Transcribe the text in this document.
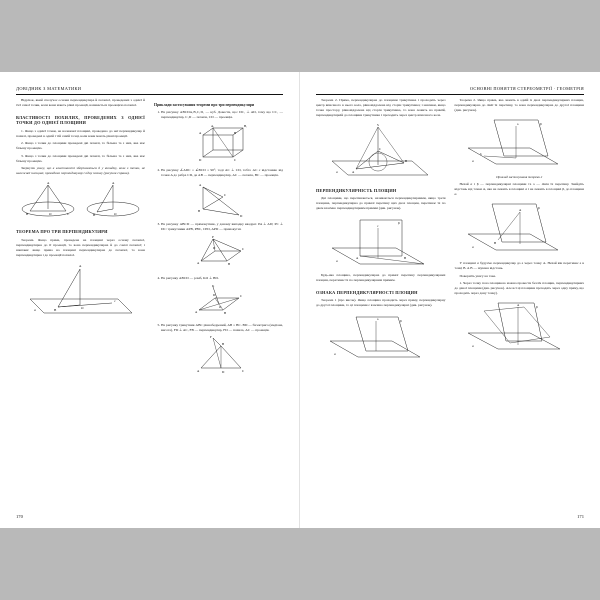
ДОВІДНИК З МАТЕМАТИКИ

Відрізок, який сполучає основи перпендикуляра й похилої, проведених з однієї й тієї самої точки, коли вони мають рівні проекції, називається проекцією похилої.

ВЛАСТИВОСТІ ПОХИЛИХ, ПРОВЕДЕНИХ З ОДНІЄЇ ТОЧКИ ДО ОДНІЄЇ ПЛОЩИНИ

1. Якщо з однієї точки, не належної площині, проведено до неї перпендикуляр й похилі, проведені в одній і тій самій точці, коли вони мають рівні проекції.

2. Якщо з точки до площини проведені дві похилі, то більша та з них, яка має більшу проекцію.

3. Якщо з точки до площини проведені дві похилі, то більша та з них, яка має більшу проекцію.

Звернути увагу, що в властивості зберігаються й у випадку, коли з точки, не належної площині, проведено перпендикуляр і одну похилу (рисунок справа).

A
B	C
O
A
B	O
ТЕОРЕМА ПРО ТРИ ПЕРПЕНДИКУЛЯРИ

Теорема. Якщо пряма, проведена на площині через основу похилої, перпендикулярна до її проекції, то вона перпендикулярна й до самої похилої; і навпаки: якщо пряма на площині перпендикулярна до похилої, то вона перпендикулярна і до проекції похилої.

A
B
c
O
α
Приклади застосування теореми про три перпендикуляри
1. На рисунку ABCDA₁B₁C₁D₁ — куб. Довести, що: DC₁ ⊥ AD, тому що CC₁ — перпендикуляр, C₁D — похила, CD — проекція.
A	B
D	C
A₁	B₁
2. На рисунку ∠ADC = ∠BCD = 90°, тоді AC ⊥ CD, тобто AC є відстанню від точки A до ребра CD, де AB — перпендикуляр, AC — похила, BC — проекція.
A
B
C
D
3. На рисунку ABCD — прямокутник, у даному випадку квадрат. PA ⊥ AD; PC ⊥ DC: трикутники APB, PBC, CPD, APD — прямокутні.
P
A	B
C
D
4. На рисунку ABCD — ромб, KO ⊥ BD.
K
A	B
C
D
O
5. На рисунку трикутник ABC рівнобедрений, AB = BC. BD — бісектриса (медіана, висота), FD ⊥ AC, FB — перпендикуляр, FD — похила, AC — проекція.
A	C
B
F
D
170
ОСНОВНІ ПОНЯТТЯ СТЕРЕОМЕТРІЇ · ГЕОМЕТРІЯ

Теорема 2. Пряма, перпендикулярна до площини трикутника і проходить через центр вписаного в нього кола, рівновіддалена від сторін трикутника; і навпаки, якщо точка простору, рівновіддалена від сторін трикутника, то вона лежить на прямій, перпендикулярній до площини трикутника і проходить через центр вписаного кола.

S
A
B
C
α
ПЕРПЕНДИКУЛЯРНІСТЬ ПЛОЩИН

Дві площини, що перетинаються, називаються перпендикулярними, якщо третя площина, перпендикулярна до прямої перетину цих двох площин, перетинає їх по двом взаємно перпендикулярним прямим (див. рисунок).

α
β
A	B
c

Будь-яка площина, перпендикулярна до прямої перетину перпендикулярних площин, перетинає їх по перпендикулярним прямим.

ОЗНАКА ПЕРПЕНДИКУЛЯРНОСТІ ПЛОЩИН

Теорема 1 (про висок). Якщо площина проходить через пряму, перпендикулярну до другої площини, то ці площини є взаємно перпендикулярні (див. рисунок).

α
β
a

Теорема 2. Якщо пряма, яка лежить в одній із двох перпендикулярних площин, перпендикулярна до лінії їх перетину, то вона перпендикулярна до другої площини (див. рисунок).

α
β
a
b

Приклад застосування теореми 2

Нехай α і β — перпендикулярні площини та a — лінія їх перетину. Знайдіть відстань від точки A, яка не лежить в площині α і не лежить в площині β, до площини α.

α
β
A
B

У площині α будуємо перпендикуляр до a через точку A. Нехай він перетинає a в точці B. A B — шукана відстань.

Поверніть увагу на таке.

1. Через точку поза площиною можна провести безліч площин, перпендикулярних до даної площини (див. рисунок). Але всі ці площини проходять через одну пряму, що проходить через дану точку).

α
β
A
171
